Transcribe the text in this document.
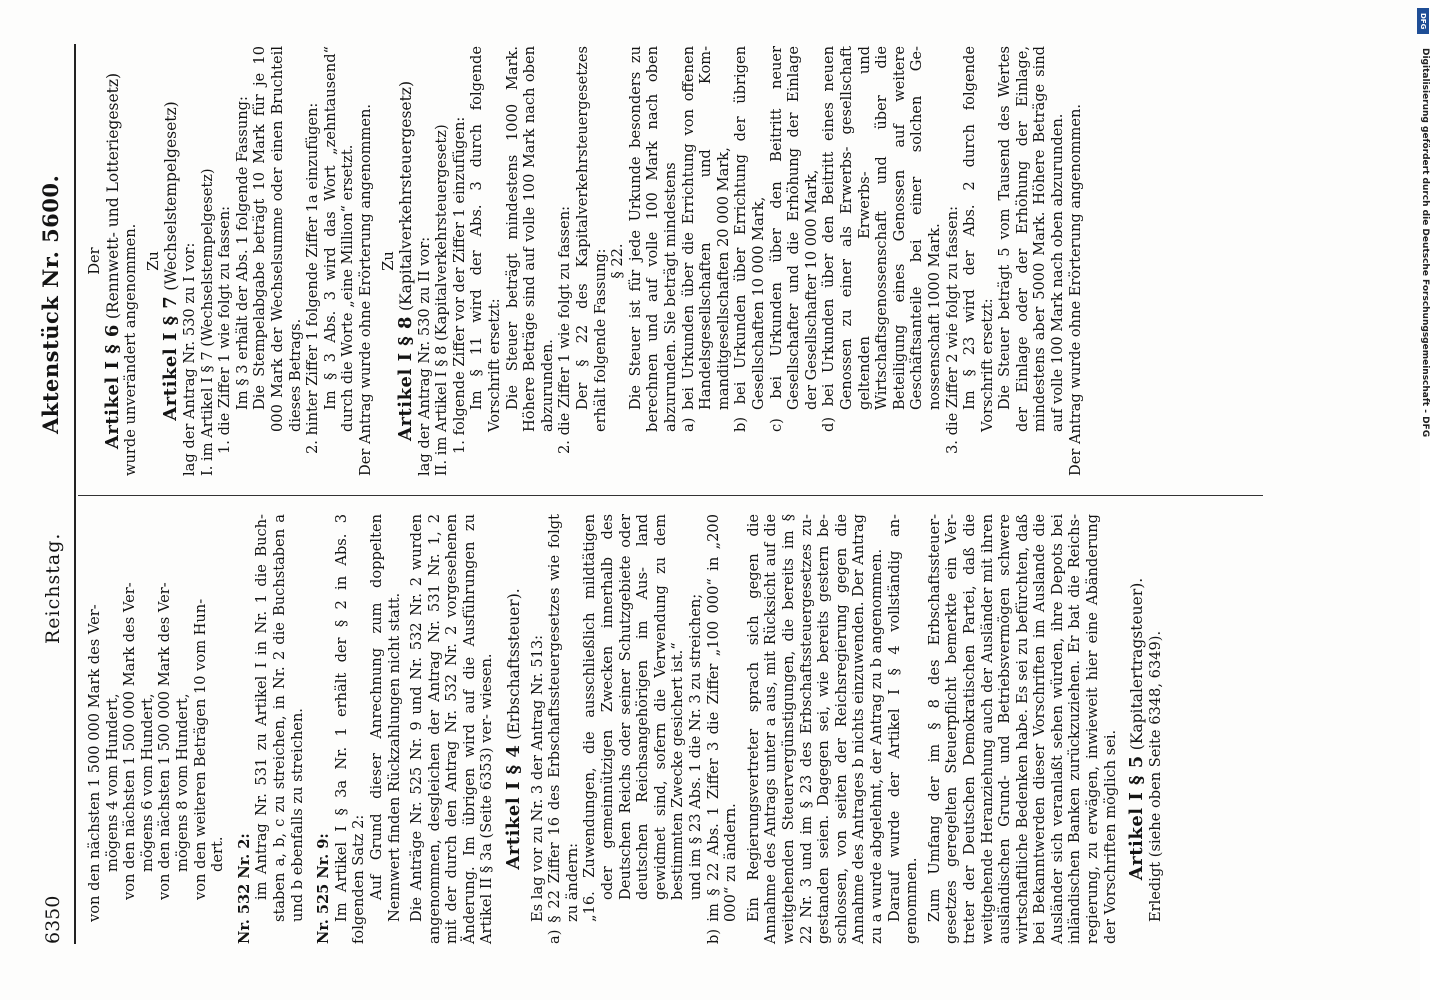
6350
Reichstag.
Aktenstück Nr. 5600.

von den nächsten 1 500 000 Mark des Ver- mögens 4 vom Hundert, von den nächsten 1 500 000 Mark des Ver- mögens 6 vom Hundert, von den nächsten 1 500 000 Mark des Ver- mögens 8 vom Hundert, von den weiteren Beträgen 10 vom Hun- dert. Nr. 532 Nr. 2: im Antrag Nr. 531 zu Artikel I in Nr. 1 die Buch- staben a, b, c zu streichen, in Nr. 2 die Buchstaben a und b ebenfalls zu streichen. Nr. 525 Nr. 9: Im Artikel I § 3a Nr. 1 erhält der § 2 in Abs. 3 folgenden Satz 2: Auf Grund dieser Anrechnung zum doppelten Nennwert finden Rückzahlungen nicht statt. Die Anträge Nr. 525 Nr. 9 und Nr. 532 Nr. 2 wurden angenommen, desgleichen der Antrag Nr. 531 Nr. 1, 2 mit der durch den Antrag Nr. 532 Nr. 2 vorgesehenen Änderung. Im übrigen wird auf die Ausführungen zu Artikel II § 3a (Seite 6353) ver- wiesen. Artikel I § 4 (Erbschaftssteuer). Es lag vor zu Nr. 3 der Antrag Nr. 513: a) § 22 Ziffer 16 des Erbschaftssteuergesetzes wie folgt zu ändern: „16. Zuwendungen, die ausschließlich mildtätigen oder gemeinnützigen Zwecken innerhalb des Deutschen Reichs oder seiner Schutzgebiete oder deutschen Reichsangehörigen im Aus- land gewidmet sind, sofern die Verwendung zu dem bestimmten Zwecke gesichert ist.“ und im § 23 Abs. 1 die Nr. 3 zu streichen; b) im § 22 Abs. 1 Ziffer 3 die Ziffer „100 000“ in „200 000“ zu ändern. Ein Regierungsvertreter sprach sich gegen die Annahme des Antrags unter a aus, mit Rücksicht auf die weitgehenden Steuervergünstigungen, die bereits im § 22 Nr. 3 und im § 23 des Erbschaftssteuergesetzes zu- gestanden seien. Dagegen sei, wie bereits gestern be- schlossen, von seiten der Reichsregierung gegen die Annahme des Antrages b nichts einzuwenden. Der Antrag zu a wurde abgelehnt, der Antrag zu b angenommen. Darauf wurde der Artikel I § 4 vollständig an- genommen. Zum Umfang der im § 8 des Erbschaftssteuer- gesetzes geregelten Steuerpflicht bemerkte ein Ver- treter der Deutschen Demokratischen Partei, daß die weitgehende Heranziehung auch der Ausländer mit ihren ausländischen Grund- und Betriebsvermögen schwere wirtschaftliche Bedenken habe. Es sei zu befürchten, daß bei Bekanntwerden dieser Vorschriften im Auslande die Ausländer sich veranlaßt sehen würden, ihre Depots bei inländischen Banken zurückzuziehen. Er bat die Reichs- regierung, zu erwägen, inwieweit hier eine Abänderung der Vorschriften möglich sei. Artikel I § 5 (Kapitalertragsteuer). Erledigt (siehe oben Seite 6348, 6349).

Der

Artikel I § 6 (Rennwett- und Lotteriegesetz)

wurde unverändert angenommen. Zu

Artikel I § 7 (Wechselstempelgesetz)

lag der Antrag Nr. 530 zu I vor: I. im Artikel I § 7 (Wechselstempelgesetz) 1. die Ziffer 1 wie folgt zu fassen: Im § 3 erhält der Abs. 1 folgende Fassung: Die Stempelabgabe beträgt 10 Mark für je 10 000 Mark der Wechselsumme oder einen Bruchteil dieses Betrags. 2. hinter Ziffer 1 folgende Ziffer 1a einzufügen: Im § 3 Abs. 3 wird das Wort „zehntausend“ durch die Worte „eine Million“ ersetzt. Der Antrag wurde ohne Erörterung angenommen. Zu

Artikel I § 8 (Kapitalverkehrsteuergesetz)

lag der Antrag Nr. 530 zu II vor: II. im Artikel I § 8 (Kapitalverkehrsteuergesetz) 1. folgende Ziffer vor der Ziffer 1 einzufügen: Im § 11 wird der Abs. 3 durch folgende Vorschrift ersetzt: Die Steuer beträgt mindestens 1000 Mark. Höhere Beträge sind auf volle 100 Mark nach oben abzurunden. 2. die Ziffer 1 wie folgt zu fassen: Der § 22 des Kapitalverkehrsteuergesetzes erhält folgende Fassung: § 22. Die Steuer ist für jede Urkunde besonders zu berechnen und auf volle 100 Mark nach oben abzurunden. Sie beträgt mindestens a) bei Urkunden über die Errichtung von offenen Handelsgesellschaften und Kom- manditgesellschaften 20 000 Mark, b) bei Urkunden über Errichtung der übrigen Gesellschaften 10 000 Mark, c) bei Urkunden über den Beitritt neuer Gesellschafter und die Erhöhung der Einlage der Gesellschafter 10 000 Mark, d) bei Urkunden über den Beitritt eines neuen Genossen zu einer als Erwerbs- gesellschaft geltenden Erwerbs- und Wirtschaftsgenossenschaft und über die Beteiligung eines Genossen auf weitere Geschäftsanteile bei einer solchen Ge- nossenschaft 1000 Mark. 3. die Ziffer 2 wie folgt zu fassen: Im § 23 wird der Abs. 2 durch folgende Vorschrift ersetzt: Die Steuer beträgt 5 vom Tausend des Wertes der Einlage oder der Erhöhung der Einlage, mindestens aber 5000 Mark. Höhere Beträge sind auf volle 100 Mark nach oben abzurunden. Der Antrag wurde ohne Erörterung angenommen.

DFG
Digitalisierung gefördert durch die Deutsche Forschungsgemeinschaft - DFG
